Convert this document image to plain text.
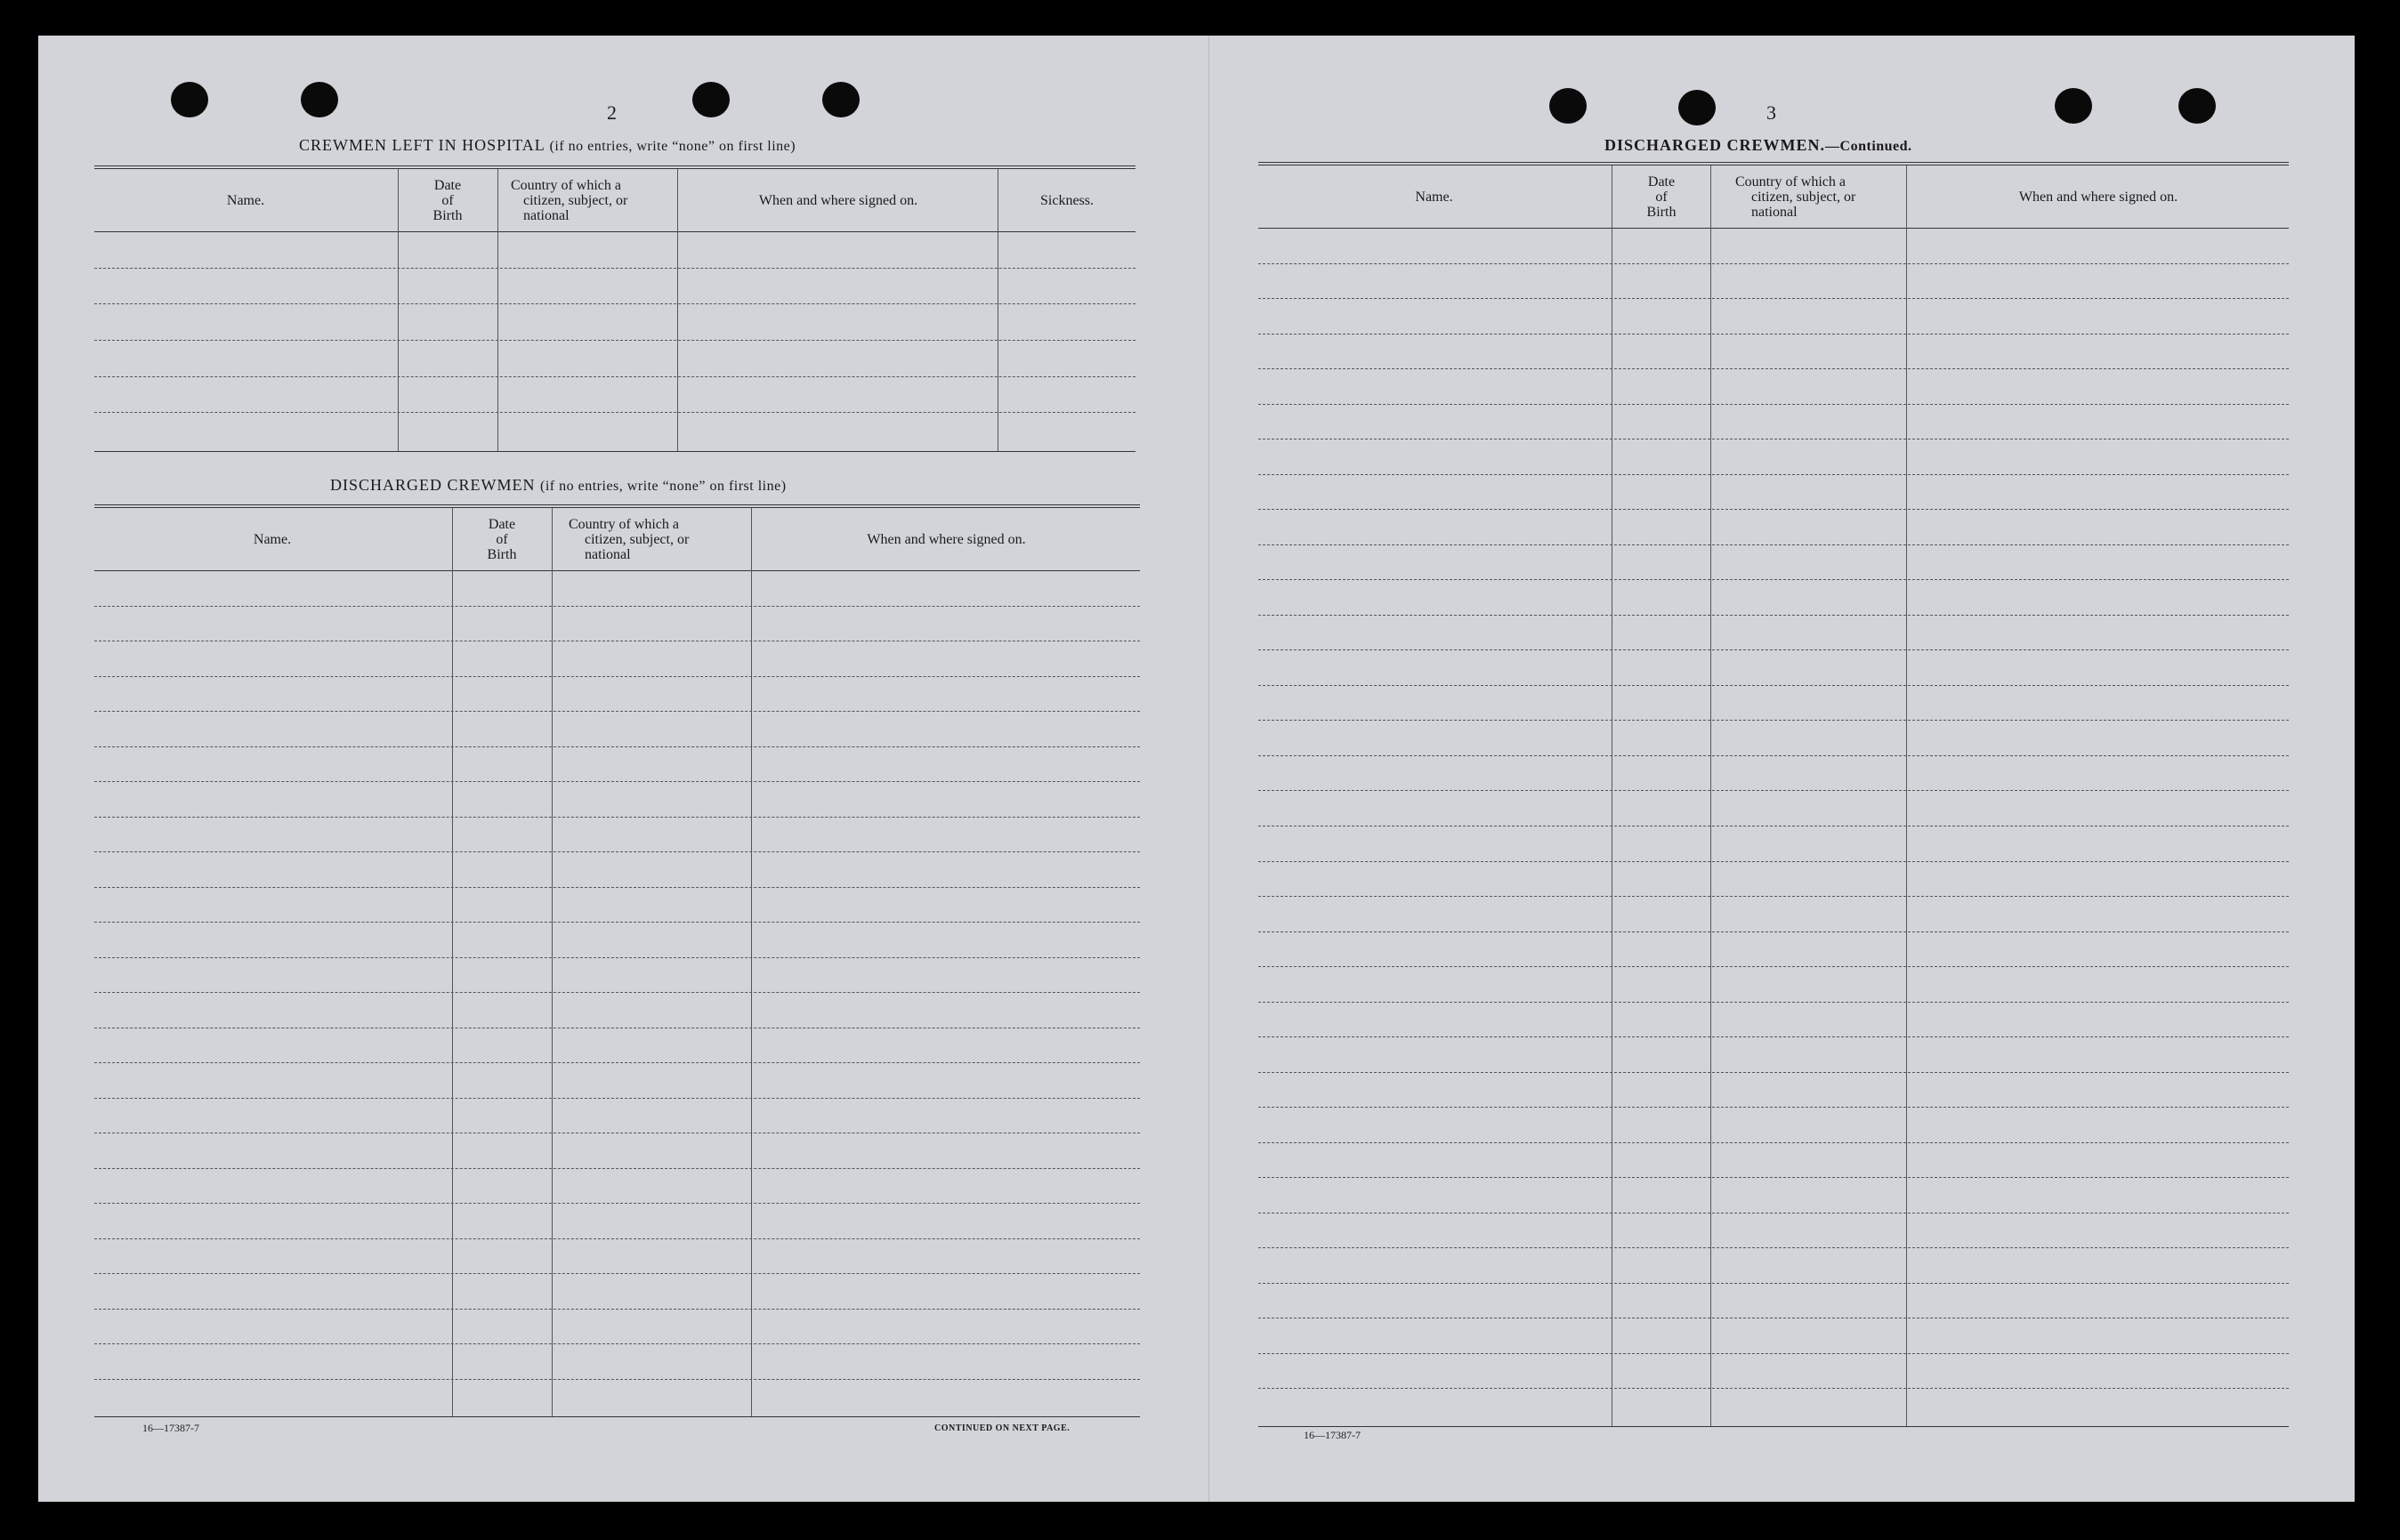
2
CREWMEN LEFT IN HOSPITAL (if no entries, write “none” on first line)
Name.
Date
of
Birth
Country of which a
citizen, subject, or
national
When and where signed on.	Sickness.
DISCHARGED CREWMEN (if no entries, write “none” on first line)
Name.
Date
of
Birth
Country of which a
citizen, subject, or
national
When and where signed on.
16—17387-7	CONTINUED ON NEXT PAGE.
3
DISCHARGED CREWMEN.—Continued.
Name.
Date
of
Birth
Country of which a
citizen, subject, or
national
When and where signed on.
16—17387-7
